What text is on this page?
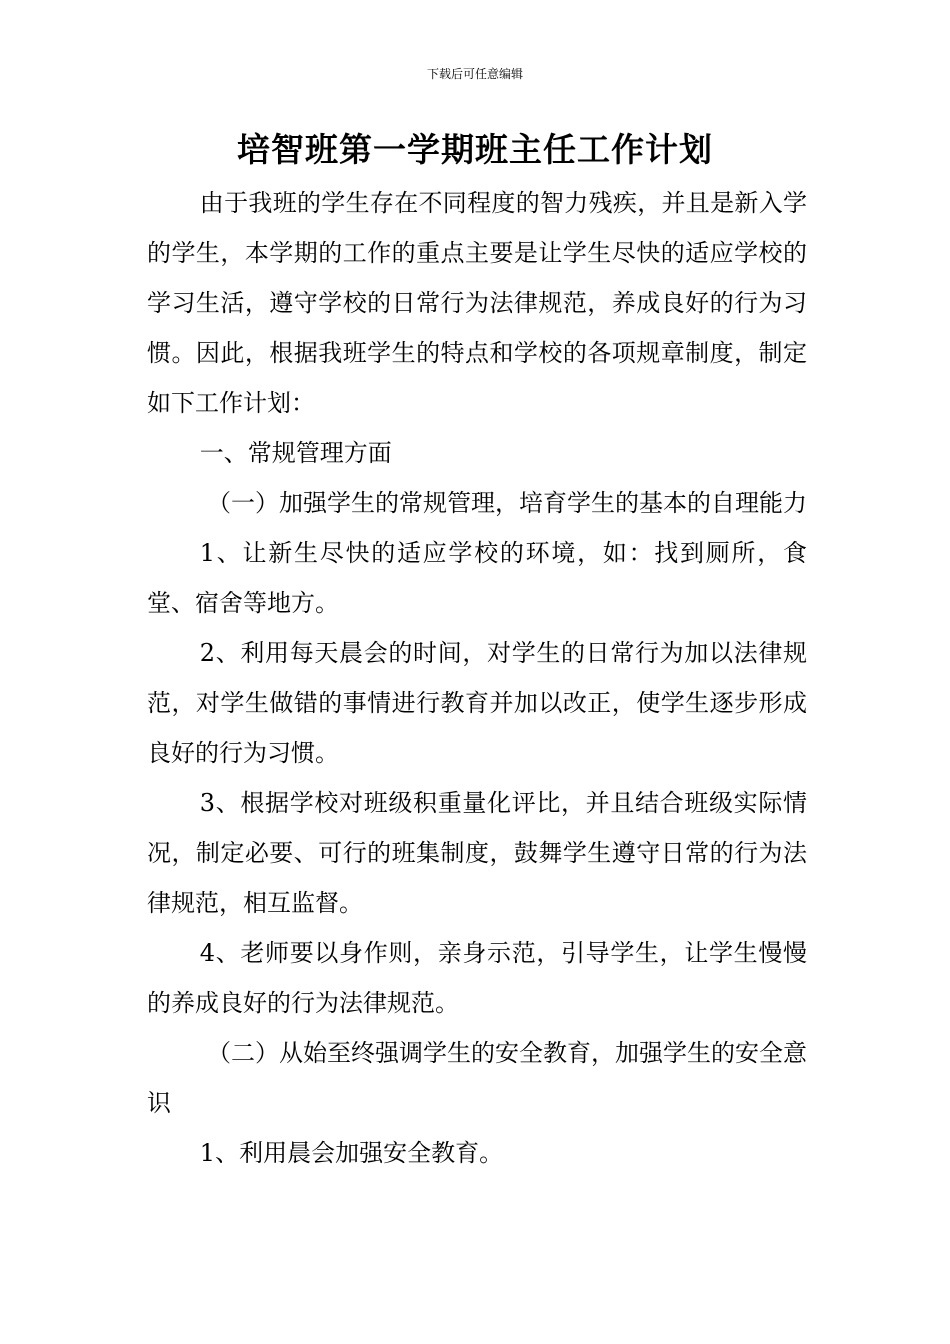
下载后可任意编辑
培智班第一学期班主任工作计划

由于我班的学生存在不同程度的智力残疾，并且是新入学的学生，本学期的工作的重点主要是让学生尽快的适应学校的学习生活，遵守学校的日常行为法律规范，养成良好的行为习惯。因此，根据我班学生的特点和学校的各项规章制度，制定如下工作计划：

一、常规管理方面

（一）加强学生的常规管理，培育学生的基本的自理能力

1、让新生尽快的适应学校的环境，如：找到厕所，食堂、宿舍等地方。

2、利用每天晨会的时间，对学生的日常行为加以法律规范，对学生做错的事情进行教育并加以改正，使学生逐步形成良好的行为习惯。

3、根据学校对班级积重量化评比，并且结合班级实际情况，制定必要、可行的班集制度，鼓舞学生遵守日常的行为法律规范，相互监督。

4、老师要以身作则，亲身示范，引导学生，让学生慢慢的养成良好的行为法律规范。

（二）从始至终强调学生的安全教育，加强学生的安全意识

1、利用晨会加强安全教育。
